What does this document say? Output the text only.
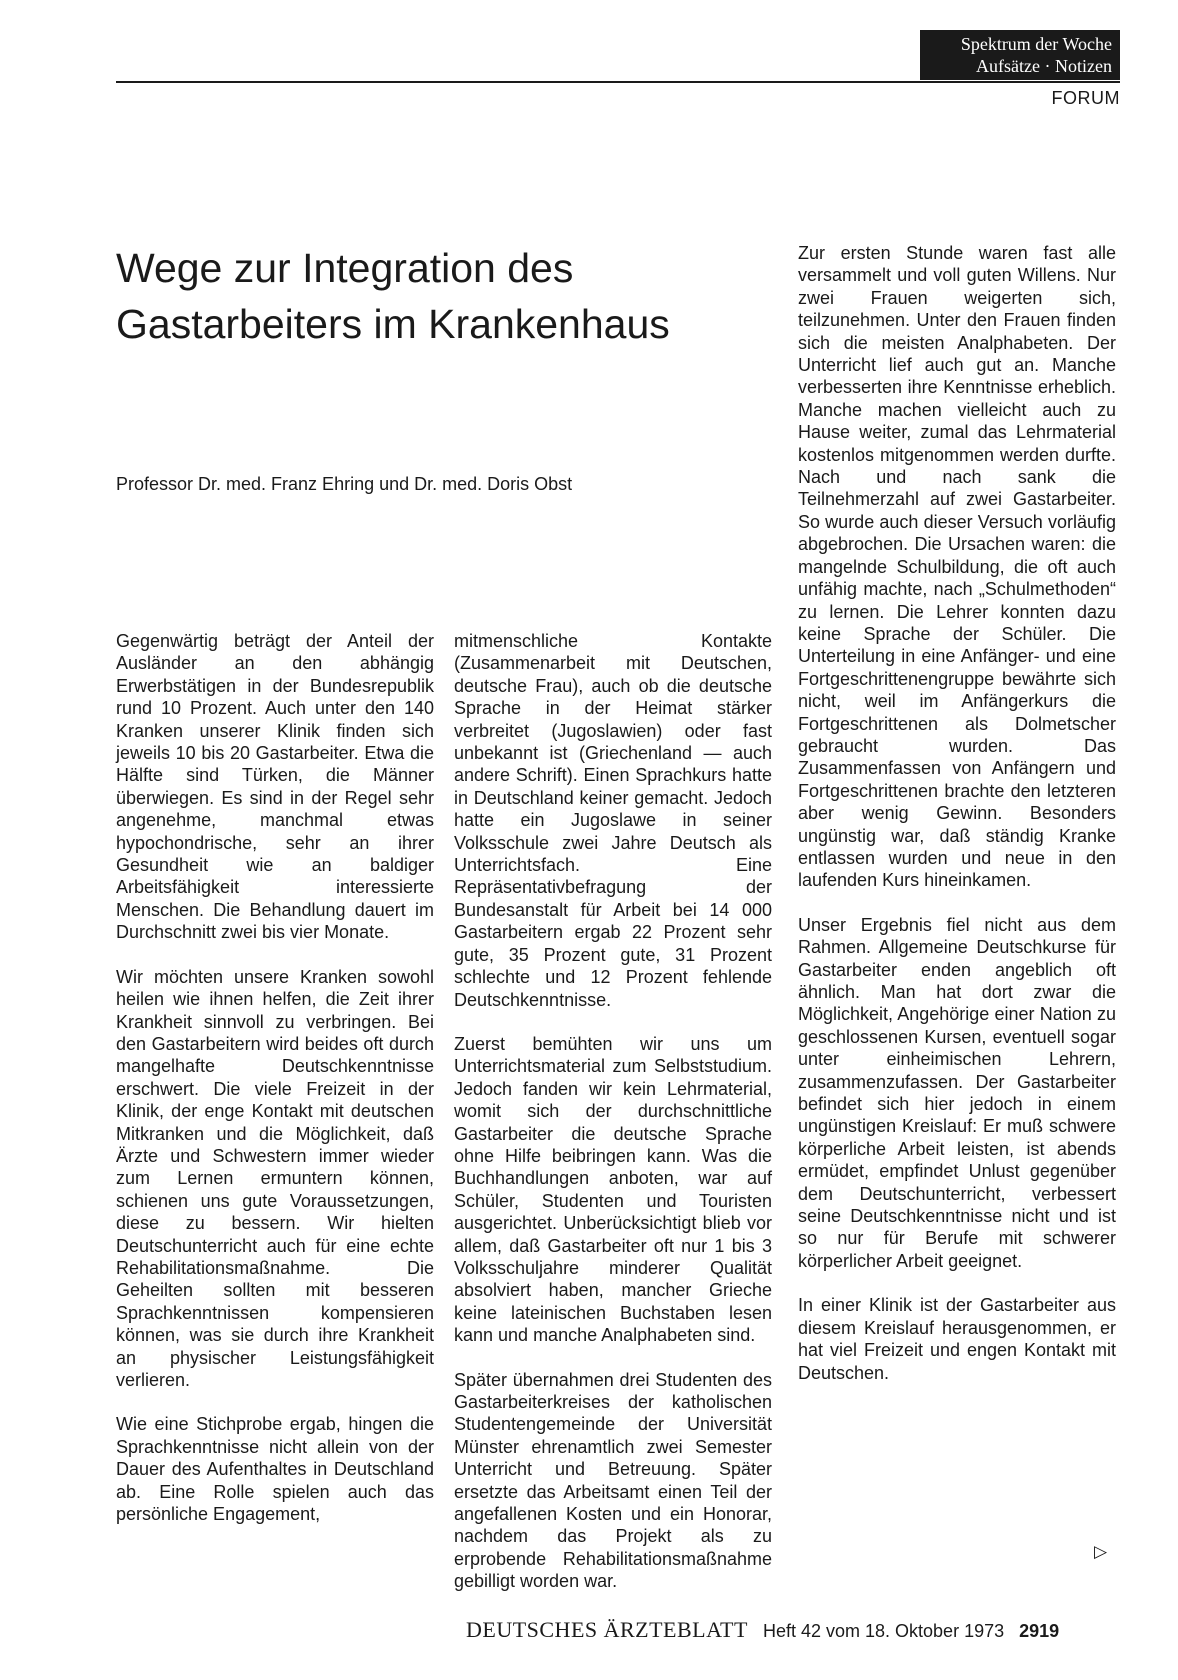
Spektrum der Woche
Aufsätze · Notizen
FORUM
Wege zur Integration des
Gastarbeiters im Krankenhaus
Professor Dr. med. Franz Ehring und Dr. med. Doris Obst

Gegenwärtig beträgt der Anteil der Ausländer an den abhängig Erwerbstätigen in der Bundesrepublik rund 10 Prozent. Auch unter den 140 Kranken unserer Klinik finden sich jeweils 10 bis 20 Gastarbeiter. Etwa die Hälfte sind Türken, die Männer überwiegen. Es sind in der Regel sehr angenehme, manchmal etwas hypochondrische, sehr an ihrer Gesundheit wie an baldiger Arbeitsfähigkeit interessierte Menschen. Die Behandlung dauert im Durchschnitt zwei bis vier Monate.

Wir möchten unsere Kranken sowohl heilen wie ihnen helfen, die Zeit ihrer Krankheit sinnvoll zu verbringen. Bei den Gastarbeitern wird beides oft durch mangelhafte Deutschkenntnisse erschwert. Die viele Freizeit in der Klinik, der enge Kontakt mit deutschen Mitkranken und die Möglichkeit, daß Ärzte und Schwestern immer wieder zum Lernen ermuntern können, schienen uns gute Voraussetzungen, diese zu bessern. Wir hielten Deutschunterricht auch für eine echte Rehabilitationsmaßnahme. Die Geheilten sollten mit besseren Sprachkenntnissen kompensieren können, was sie durch ihre Krankheit an physischer Leistungsfähigkeit verlieren.

Wie eine Stichprobe ergab, hingen die Sprachkenntnisse nicht allein von der Dauer des Aufenthaltes in Deutschland ab. Eine Rolle spielen auch das persönliche Engagement,

mitmenschliche Kontakte (Zusammenarbeit mit Deutschen, deutsche Frau), auch ob die deutsche Sprache in der Heimat stärker verbreitet (Jugoslawien) oder fast unbekannt ist (Griechenland — auch andere Schrift). Einen Sprachkurs hatte in Deutschland keiner gemacht. Jedoch hatte ein Jugoslawe in seiner Volksschule zwei Jahre Deutsch als Unterrichtsfach. Eine Repräsentativbefragung der Bundesanstalt für Arbeit bei 14 000 Gastarbeitern ergab 22 Prozent sehr gute, 35 Prozent gute, 31 Prozent schlechte und 12 Prozent fehlende Deutschkenntnisse.

Zuerst bemühten wir uns um Unterrichtsmaterial zum Selbststudium. Jedoch fanden wir kein Lehrmaterial, womit sich der durchschnittliche Gastarbeiter die deutsche Sprache ohne Hilfe beibringen kann. Was die Buchhandlungen anboten, war auf Schüler, Studenten und Touristen ausgerichtet. Unberücksichtigt blieb vor allem, daß Gastarbeiter oft nur 1 bis 3 Volksschuljahre minderer Qualität absolviert haben, mancher Grieche keine lateinischen Buchstaben lesen kann und manche Analphabeten sind.

Später übernahmen drei Studenten des Gastarbeiterkreises der katholischen Studentengemeinde der Universität Münster ehrenamtlich zwei Semester Unterricht und Betreuung. Später ersetzte das Arbeitsamt einen Teil der angefallenen Kosten und ein Honorar, nachdem das Projekt als zu erprobende Rehabilitationsmaßnahme gebilligt worden war.

Zur ersten Stunde waren fast alle versammelt und voll guten Willens. Nur zwei Frauen weigerten sich, teilzunehmen. Unter den Frauen finden sich die meisten Analphabeten. Der Unterricht lief auch gut an. Manche verbesserten ihre Kenntnisse erheblich. Manche machen vielleicht auch zu Hause weiter, zumal das Lehrmaterial kostenlos mitgenommen werden durfte. Nach und nach sank die Teilnehmerzahl auf zwei Gastarbeiter. So wurde auch dieser Versuch vorläufig abgebrochen. Die Ursachen waren: die mangelnde Schulbildung, die oft auch unfähig machte, nach „Schulmethoden“ zu lernen. Die Lehrer konnten dazu keine Sprache der Schüler. Die Unterteilung in eine Anfänger- und eine Fortgeschrittenengruppe bewährte sich nicht, weil im Anfängerkurs die Fortgeschrittenen als Dolmetscher gebraucht wurden. Das Zusammenfassen von Anfängern und Fortgeschrittenen brachte den letzteren aber wenig Gewinn. Besonders ungünstig war, daß ständig Kranke entlassen wurden und neue in den laufenden Kurs hineinkamen.

Unser Ergebnis fiel nicht aus dem Rahmen. Allgemeine Deutschkurse für Gastarbeiter enden angeblich oft ähnlich. Man hat dort zwar die Möglichkeit, Angehörige einer Nation zu geschlossenen Kursen, eventuell sogar unter einheimischen Lehrern, zusammenzufassen. Der Gastarbeiter befindet sich hier jedoch in einem ungünstigen Kreislauf: Er muß schwere körperliche Arbeit leisten, ist abends ermüdet, empfindet Unlust gegenüber dem Deutschunterricht, verbessert seine Deutschkenntnisse nicht und ist so nur für Berufe mit schwerer körperlicher Arbeit geeignet.

In einer Klinik ist der Gastarbeiter aus diesem Kreislauf herausgenommen, er hat viel Freizeit und engen Kontakt mit Deutschen.

▷
DEUTSCHES ÄRZTEBLATT Heft 42 vom 18. Oktober 1973 2919
